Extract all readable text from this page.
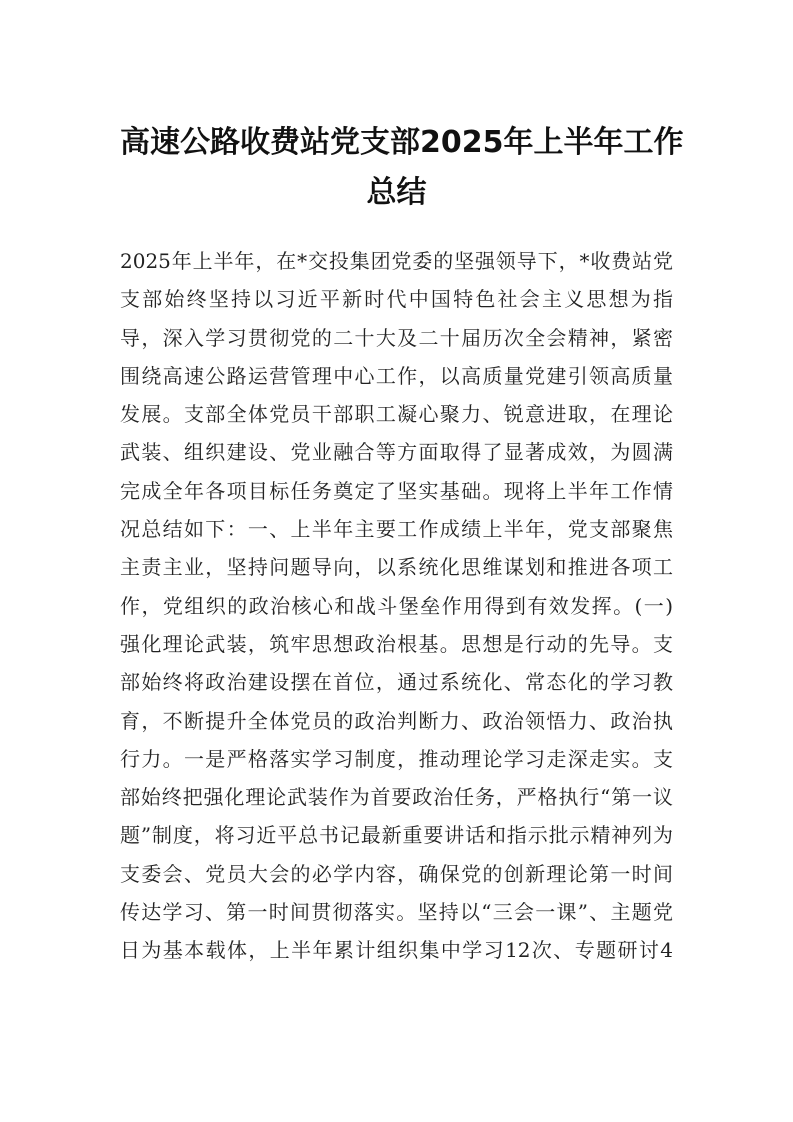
高速公路收费站党支部2025年上半年工作
总结
2025年上半年，在*交投集团党委的坚强领导下，*收费站党
支部始终坚持以习近平新时代中国特色社会主义思想为指
导，深入学习贯彻党的二十大及二十届历次全会精神，紧密
围绕高速公路运营管理中心工作，以高质量党建引领高质量
发展。支部全体党员干部职工凝心聚力、锐意进取，在理论
武装、组织建设、党业融合等方面取得了显著成效，为圆满
完成全年各项目标任务奠定了坚实基础。现将上半年工作情
况总结如下：一、上半年主要工作成绩上半年，党支部聚焦
主责主业，坚持问题导向，以系统化思维谋划和推进各项工
作，党组织的政治核心和战斗堡垒作用得到有效发挥。(一)
强化理论武装，筑牢思想政治根基。思想是行动的先导。支
部始终将政治建设摆在首位，通过系统化、常态化的学习教
育，不断提升全体党员的政治判断力、政治领悟力、政治执
行力。一是严格落实学习制度，推动理论学习走深走实。支
部始终把强化理论武装作为首要政治任务，严格执行“第一议
题”制度，将习近平总书记最新重要讲话和指示批示精神列为
支委会、党员大会的必学内容，确保党的创新理论第一时间
传达学习、第一时间贯彻落实。坚持以“三会一课”、主题党
日为基本载体，上半年累计组织集中学习12次、专题研讨4
